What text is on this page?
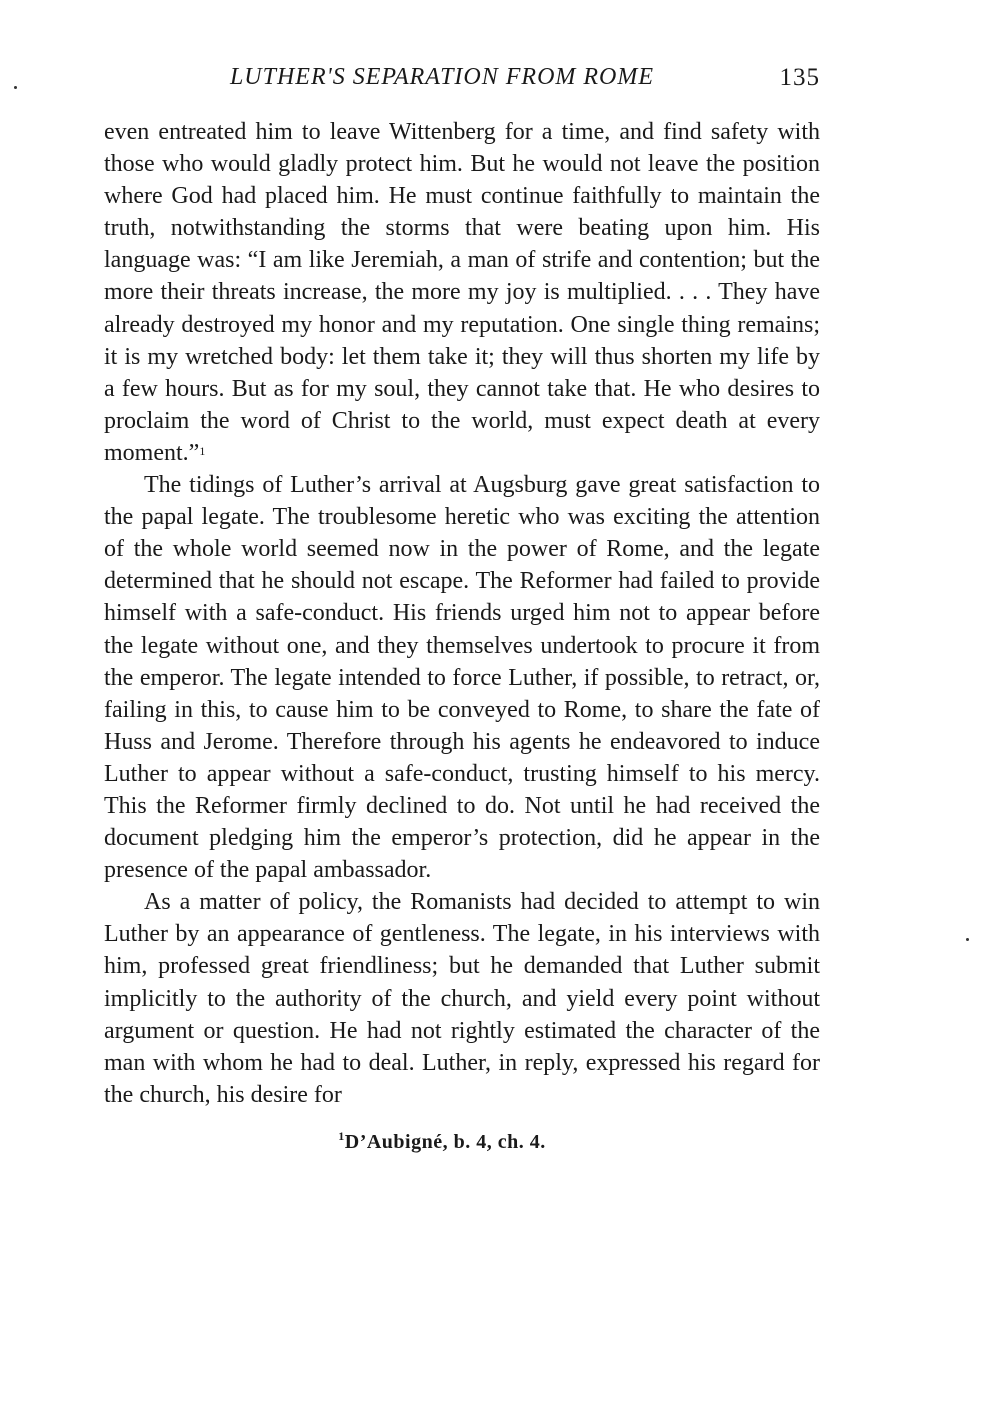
LUTHER'S SEPARATION FROM ROME	135

even entreated him to leave Wittenberg for a time, and find safety with those who would gladly protect him. But he would not leave the position where God had placed him. He must continue faithfully to maintain the truth, notwithstanding the storms that were beating upon him. His language was: “I am like Jeremiah, a man of strife and contention; but the more their threats increase, the more my joy is multiplied. . . . They have already destroyed my honor and my reputation. One single thing remains; it is my wretched body: let them take it; they will thus shorten my life by a few hours. But as for my soul, they cannot take that. He who desires to proclaim the word of Christ to the world, must expect death at every moment.”$^1$

The tidings of Luther’s arrival at Augsburg gave great satisfaction to the papal legate. The troublesome heretic who was exciting the attention of the whole world seemed now in the power of Rome, and the legate determined that he should not escape. The Reformer had failed to provide himself with a safe-conduct. His friends urged him not to appear before the legate without one, and they themselves undertook to procure it from the emperor. The legate intended to force Luther, if possible, to retract, or, failing in this, to cause him to be conveyed to Rome, to share the fate of Huss and Jerome. Therefore through his agents he endeavored to induce Luther to appear without a safe-conduct, trusting himself to his mercy. This the Reformer firmly declined to do. Not until he had received the document pledging him the emperor’s protection, did he appear in the presence of the papal ambassador.

As a matter of policy, the Romanists had decided to attempt to win Luther by an appearance of gentleness. The legate, in his interviews with him, professed great friendliness; but he demanded that Luther submit implicitly to the authority of the church, and yield every point without argument or question. He had not rightly estimated the character of the man with whom he had to deal. Luther, in reply, expressed his regard for the church, his desire for

$^1$D’Aubigné, b. 4, ch. 4.
